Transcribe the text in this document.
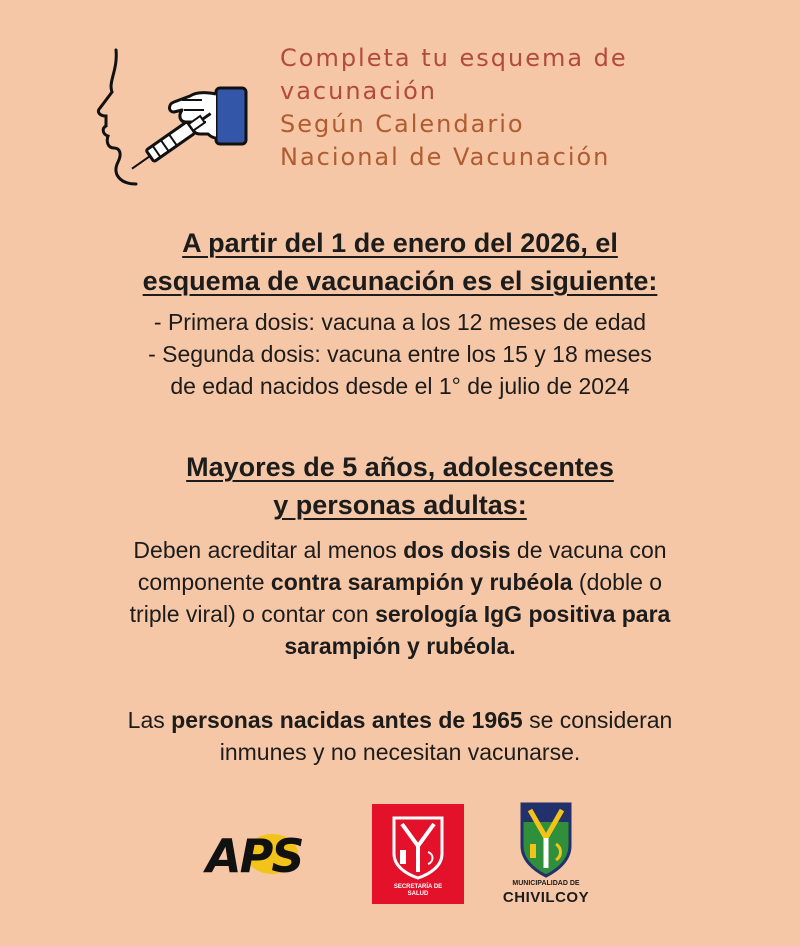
Completa tu esquema de
vacunación
Según Calendario
Nacional de Vacunación
A partir del 1 de enero del 2026, el
esquema de vacunación es el siguiente:
- Primera dosis: vacuna a los 12 meses de edad
- Segunda dosis: vacuna entre los 15 y 18 meses
de edad nacidos desde el 1° de julio de 2024
Mayores de 5 años, adolescentes
y personas adultas:
Deben acreditar al menos dos dosis de vacuna con
componente contra sarampión y rubéola (doble o
triple viral) o contar con serología IgG positiva para
sarampión y rubéola.
Las personas nacidas antes de 1965 se consideran
inmunes y no necesitan vacunarse.
APS
SECRETARÍA DE
SALUD
MUNICIPALIDAD DE
CHIVILCOY
